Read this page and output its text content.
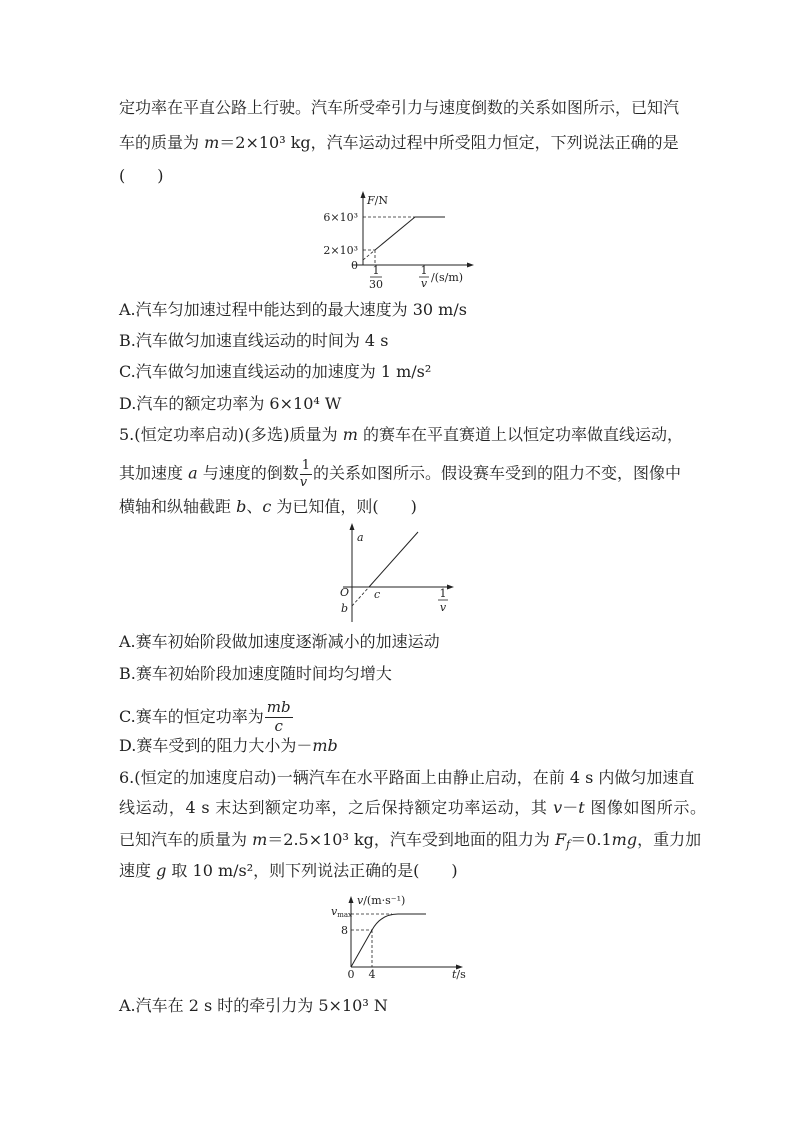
定功率在平直公路上行驶。汽车所受牵引力与速度倒数的关系如图所示，已知汽
车的质量为 m＝2×10³ kg，汽车运动过程中所受阻力恒定，下列说法正确的是
(　　)
F/N
6×10³
2×10³
0 1
30
1
v /(s/m)
A.汽车匀加速过程中能达到的最大速度为 30 m/s
B.汽车做匀加速直线运动的时间为 4 s
C.汽车做匀加速直线运动的加速度为 1 m/s²
D.汽车的额定功率为 6×10⁴ W
5.(恒定功率启动)(多选)质量为 m 的赛车在平直赛道上以恒定功率做直线运动，
其加速度 a 与速度的倒数 $\frac{1}{v}$ 的关系如图所示。假设赛车受到的阻力不变，图像中
横轴和纵轴截距 b、c 为已知值，则(　　)
a
O c
b
1
v
A.赛车初始阶段做加速度逐渐减小的加速运动
B.赛车初始阶段加速度随时间均匀增大
C.赛车的恒定功率为 $\frac{mb}{c}$
D.赛车受到的阻力大小为－mb
6.(恒定的加速度启动)一辆汽车在水平路面上由静止启动，在前 4 s 内做匀加速直
线运动，4 s 末达到额定功率，之后保持额定功率运动，其 v－t 图像如图所示。
已知汽车的质量为 m＝2.5×10³ kg，汽车受到地面的阻力为 $F_f=0.1mg$，重力加
速度 g 取 10 m/s²，则下列说法正确的是(　　)
v/(m·s⁻¹)
vmax
8
0 4	t/s
A.汽车在 2 s 时的牵引力为 5×10³ N
